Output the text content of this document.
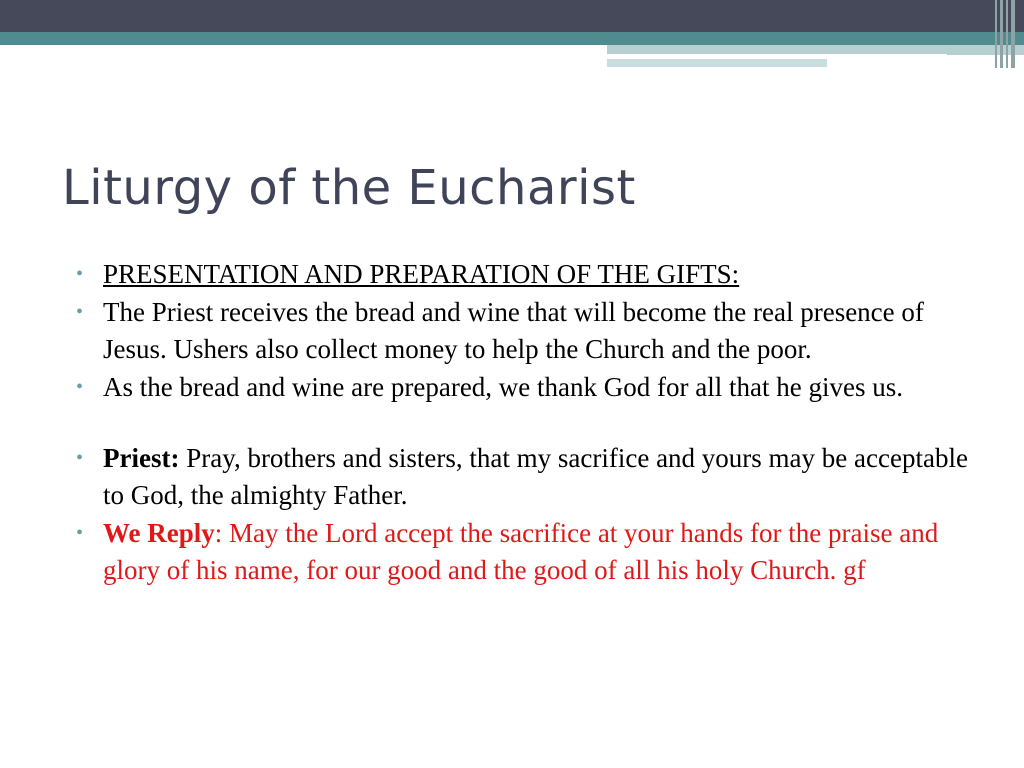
Liturgy of the Eucharist
• PRESENTATION AND PREPARATION OF THE GIFTS:
• The Priest receives the bread and wine that will become the real presence of Jesus. Ushers also collect money to help the Church and the poor.
• As the bread and wine are prepared, we thank God for all that he gives us.
• Priest: Pray, brothers and sisters, that my sacrifice and yours may be acceptable to God, the almighty Father.
• We Reply: May the Lord accept the sacrifice at your hands for the praise and glory of his name, for our good and the good of all his holy Church. gf
